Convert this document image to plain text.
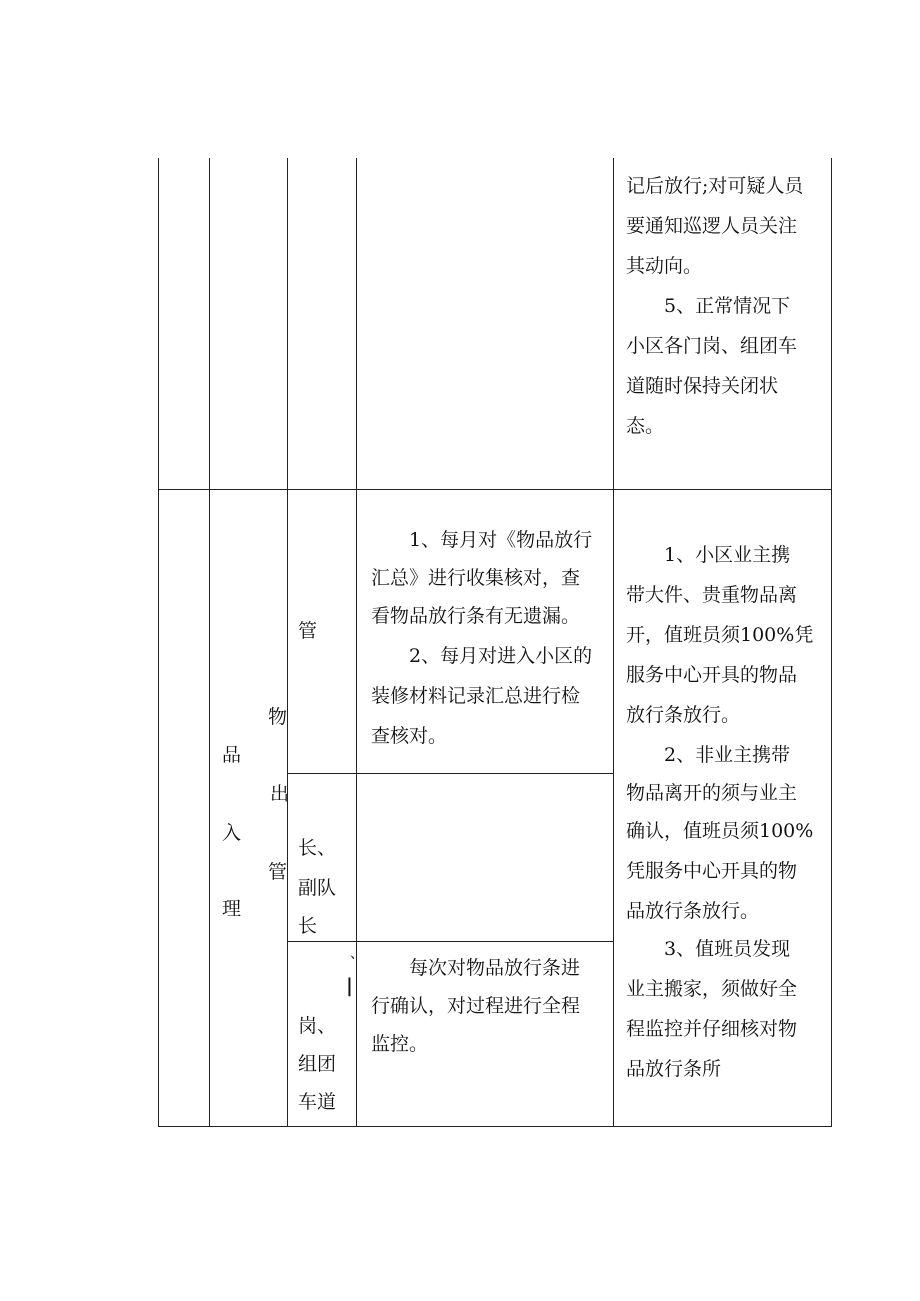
记后放行;对可疑人员
要通知巡逻人员关注
其动向。
　　5、正常情况下
小区各门岗、组团车
道随时保持关闭状
态。
品
入
理
物
出
管
管
长、
副队
长
、
|
岗、
组团
车道
　　1、每月对《物品放行
汇总》进行收集核对，查
看物品放行条有无遗漏。
　　2、每月对进入小区的
装修材料记录汇总进行检
查核对。
　　每次对物品放行条进
行确认，对过程进行全程
监控。
　　1、小区业主携
带大件、贵重物品离
开，值班员须100%凭
服务中心开具的物品
放行条放行。
　　2、非业主携带
物品离开的须与业主
确认，值班员须100%
凭服务中心开具的物
品放行条放行。
　　3、值班员发现
业主搬家，须做好全
程监控并仔细核对物
品放行条所
